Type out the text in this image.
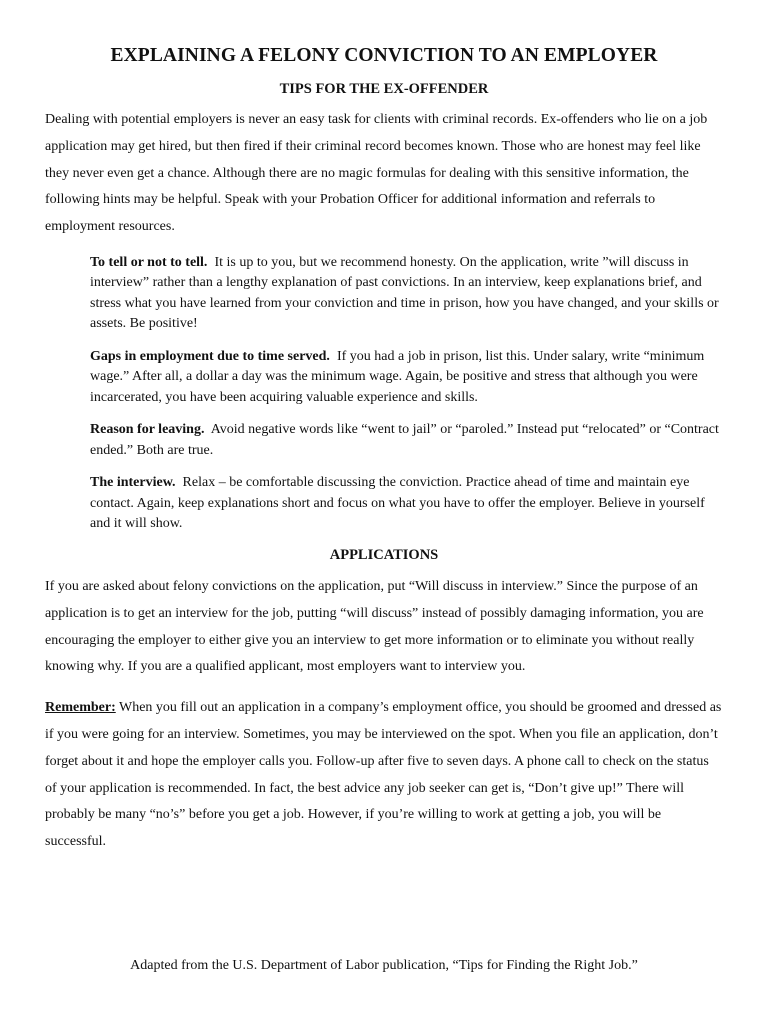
EXPLAINING A FELONY CONVICTION TO AN EMPLOYER
TIPS FOR THE EX-OFFENDER

Dealing with potential employers is never an easy task for clients with criminal records. Ex-offenders who lie on a job application may get hired, but then fired if their criminal record becomes known. Those who are honest may feel like they never even get a chance. Although there are no magic formulas for dealing with this sensitive information, the following hints may be helpful. Speak with your Probation Officer for additional information and referrals to employment resources.

To tell or not to tell. It is up to you, but we recommend honesty. On the application, write ”will discuss in interview” rather than a lengthy explanation of past convictions. In an interview, keep explanations brief, and stress what you have learned from your conviction and time in prison, how you have changed, and your skills or assets. Be positive!

Gaps in employment due to time served. If you had a job in prison, list this. Under salary, write “minimum wage.” After all, a dollar a day was the minimum wage. Again, be positive and stress that although you were incarcerated, you have been acquiring valuable experience and skills.

Reason for leaving. Avoid negative words like “went to jail” or “paroled.” Instead put “relocated” or “Contract ended.” Both are true.

The interview. Relax – be comfortable discussing the conviction. Practice ahead of time and maintain eye contact. Again, keep explanations short and focus on what you have to offer the employer. Believe in yourself and it will show.

APPLICATIONS

If you are asked about felony convictions on the application, put “Will discuss in interview.” Since the purpose of an application is to get an interview for the job, putting “will discuss” instead of possibly damaging information, you are encouraging the employer to either give you an interview to get more information or to eliminate you without really knowing why. If you are a qualified applicant, most employers want to interview you.

Remember: When you fill out an application in a company’s employment office, you should be groomed and dressed as if you were going for an interview. Sometimes, you may be interviewed on the spot. When you file an application, don’t forget about it and hope the employer calls you. Follow-up after five to seven days. A phone call to check on the status of your application is recommended. In fact, the best advice any job seeker can get is, “Don’t give up!” There will probably be many “no’s” before you get a job. However, if you’re willing to work at getting a job, you will be successful.

Adapted from the U.S. Department of Labor publication, “Tips for Finding the Right Job.”
